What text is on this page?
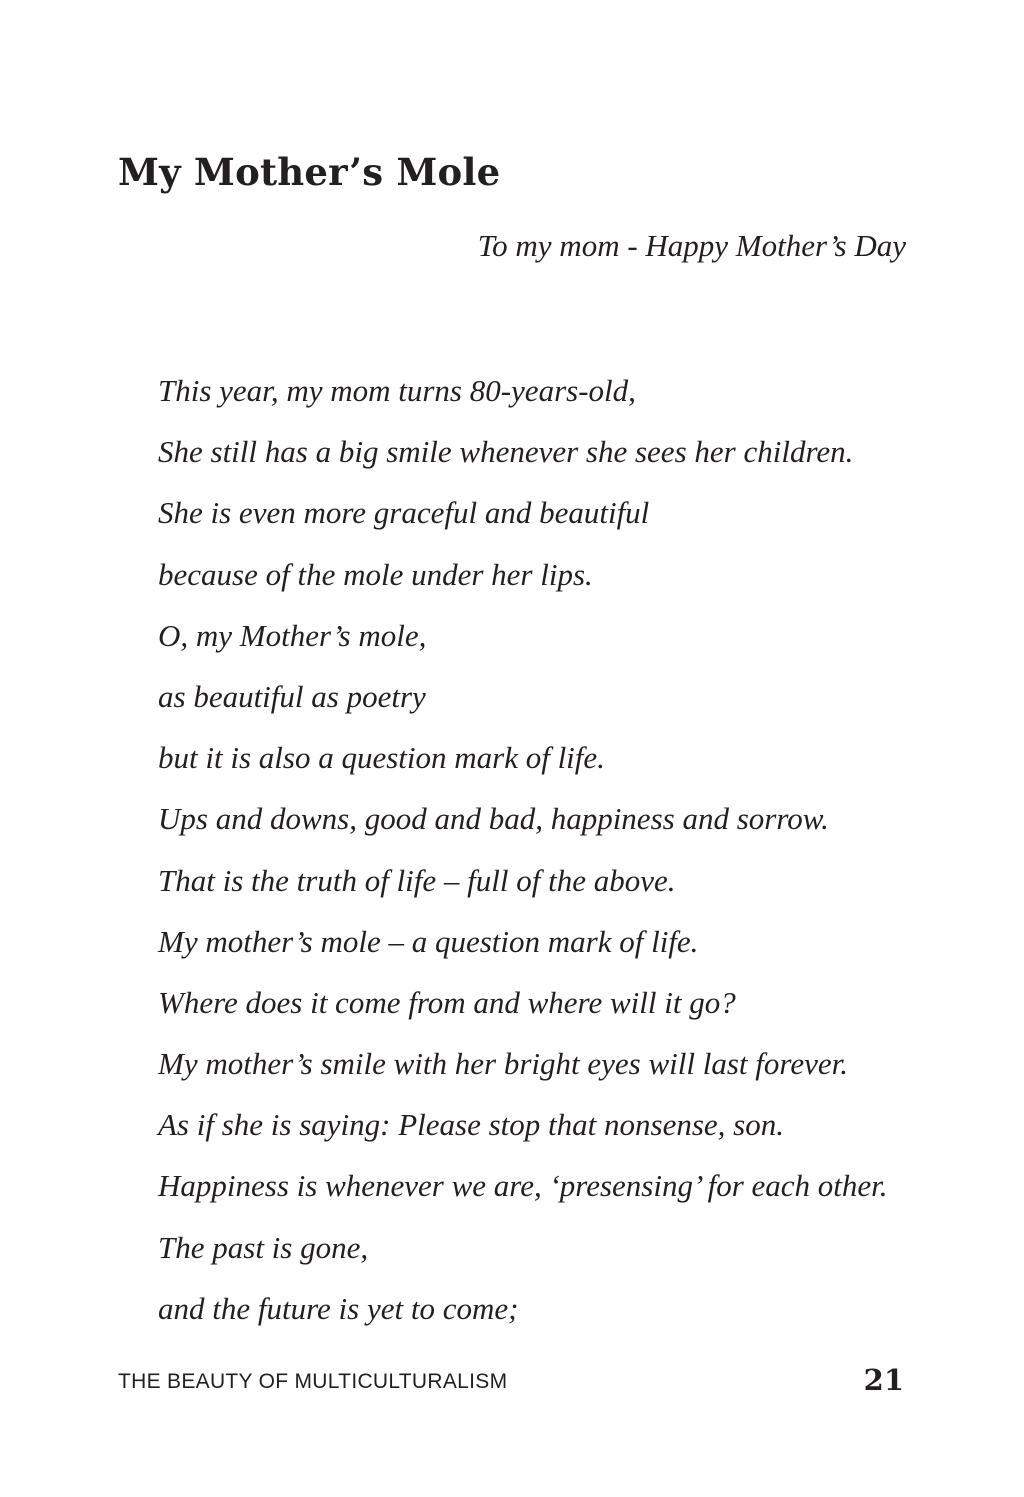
My Mother’s Mole

To my mom - Happy Mother’s Day

This year, my mom turns 80-years-old,
She still has a big smile whenever she sees her children.
She is even more graceful and beautiful
because of the mole under her lips.
O, my Mother’s mole,
as beautiful as poetry
but it is also a question mark of life.
Ups and downs, good and bad, happiness and sorrow.
That is the truth of life – full of the above.
My mother’s mole – a question mark of life.
Where does it come from and where will it go?
My mother’s smile with her bright eyes will last forever.
As if she is saying: Please stop that nonsense, son.
Happiness is whenever we are, ‘presensing’ for each other.
The past is gone,
and the future is yet to come;
THE BEAUTY OF MULTICULTURALISM	21
